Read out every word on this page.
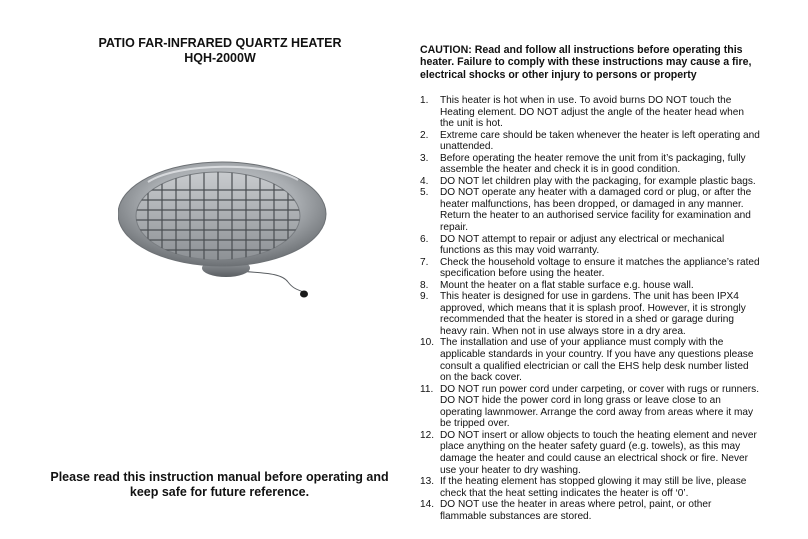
PATIO FAR-INFRARED QUARTZ HEATER
HQH-2000W
Please read this instruction manual before operating and keep safe for future reference.

CAUTION: Read and follow all instructions before operating this heater. Failure to comply with these instructions may cause a fire, electrical shocks or other injury to persons or property

1.	This heater is hot when in use. To avoid burns DO NOT touch the Heating element. DO NOT adjust the angle of the heater head when the unit is hot.
2.	Extreme care should be taken whenever the heater is left operating and unattended.
3.	Before operating the heater remove the unit from it’s packaging, fully assemble the heater and check it is in good condition.
4.	DO NOT let children play with the packaging, for example plastic bags.
5.	DO NOT operate any heater with a damaged cord or plug, or after the heater malfunctions, has been dropped, or damaged in any manner. Return the heater to an authorised service facility for examination and repair.
6.	DO NOT attempt to repair or adjust any electrical or mechanical functions as this may void warranty.
7.	Check the household voltage to ensure it matches the appliance’s rated specification before using the heater.
8.	Mount the heater on a flat stable surface e.g. house wall.
9.	This heater is designed for use in gardens. The unit has been IPX4 approved, which means that it is splash proof. However, it is strongly recommended that the heater is stored in a shed or garage during heavy rain. When not in use always store in a dry area.
10. The installation and use of your appliance must comply with the applicable standards in your country. If you have any questions please consult a qualified electrician or call the EHS help desk number listed on the back cover.
11. DO NOT run power cord under carpeting, or cover with rugs or runners. DO NOT hide the power cord in long grass or leave close to an operating lawnmower. Arrange the cord away from areas where it may be tripped over.
12. DO NOT insert or allow objects to touch the heating element and never place anything on the heater safety guard (e.g. towels), as this may damage the heater and could cause an electrical shock or fire. Never use your heater to dry washing.
13. If the heating element has stopped glowing it may still be live, please check that the heat setting indicates the heater is off ‘0’.
14. DO NOT use the heater in areas where petrol, paint, or other flammable substances are stored.
